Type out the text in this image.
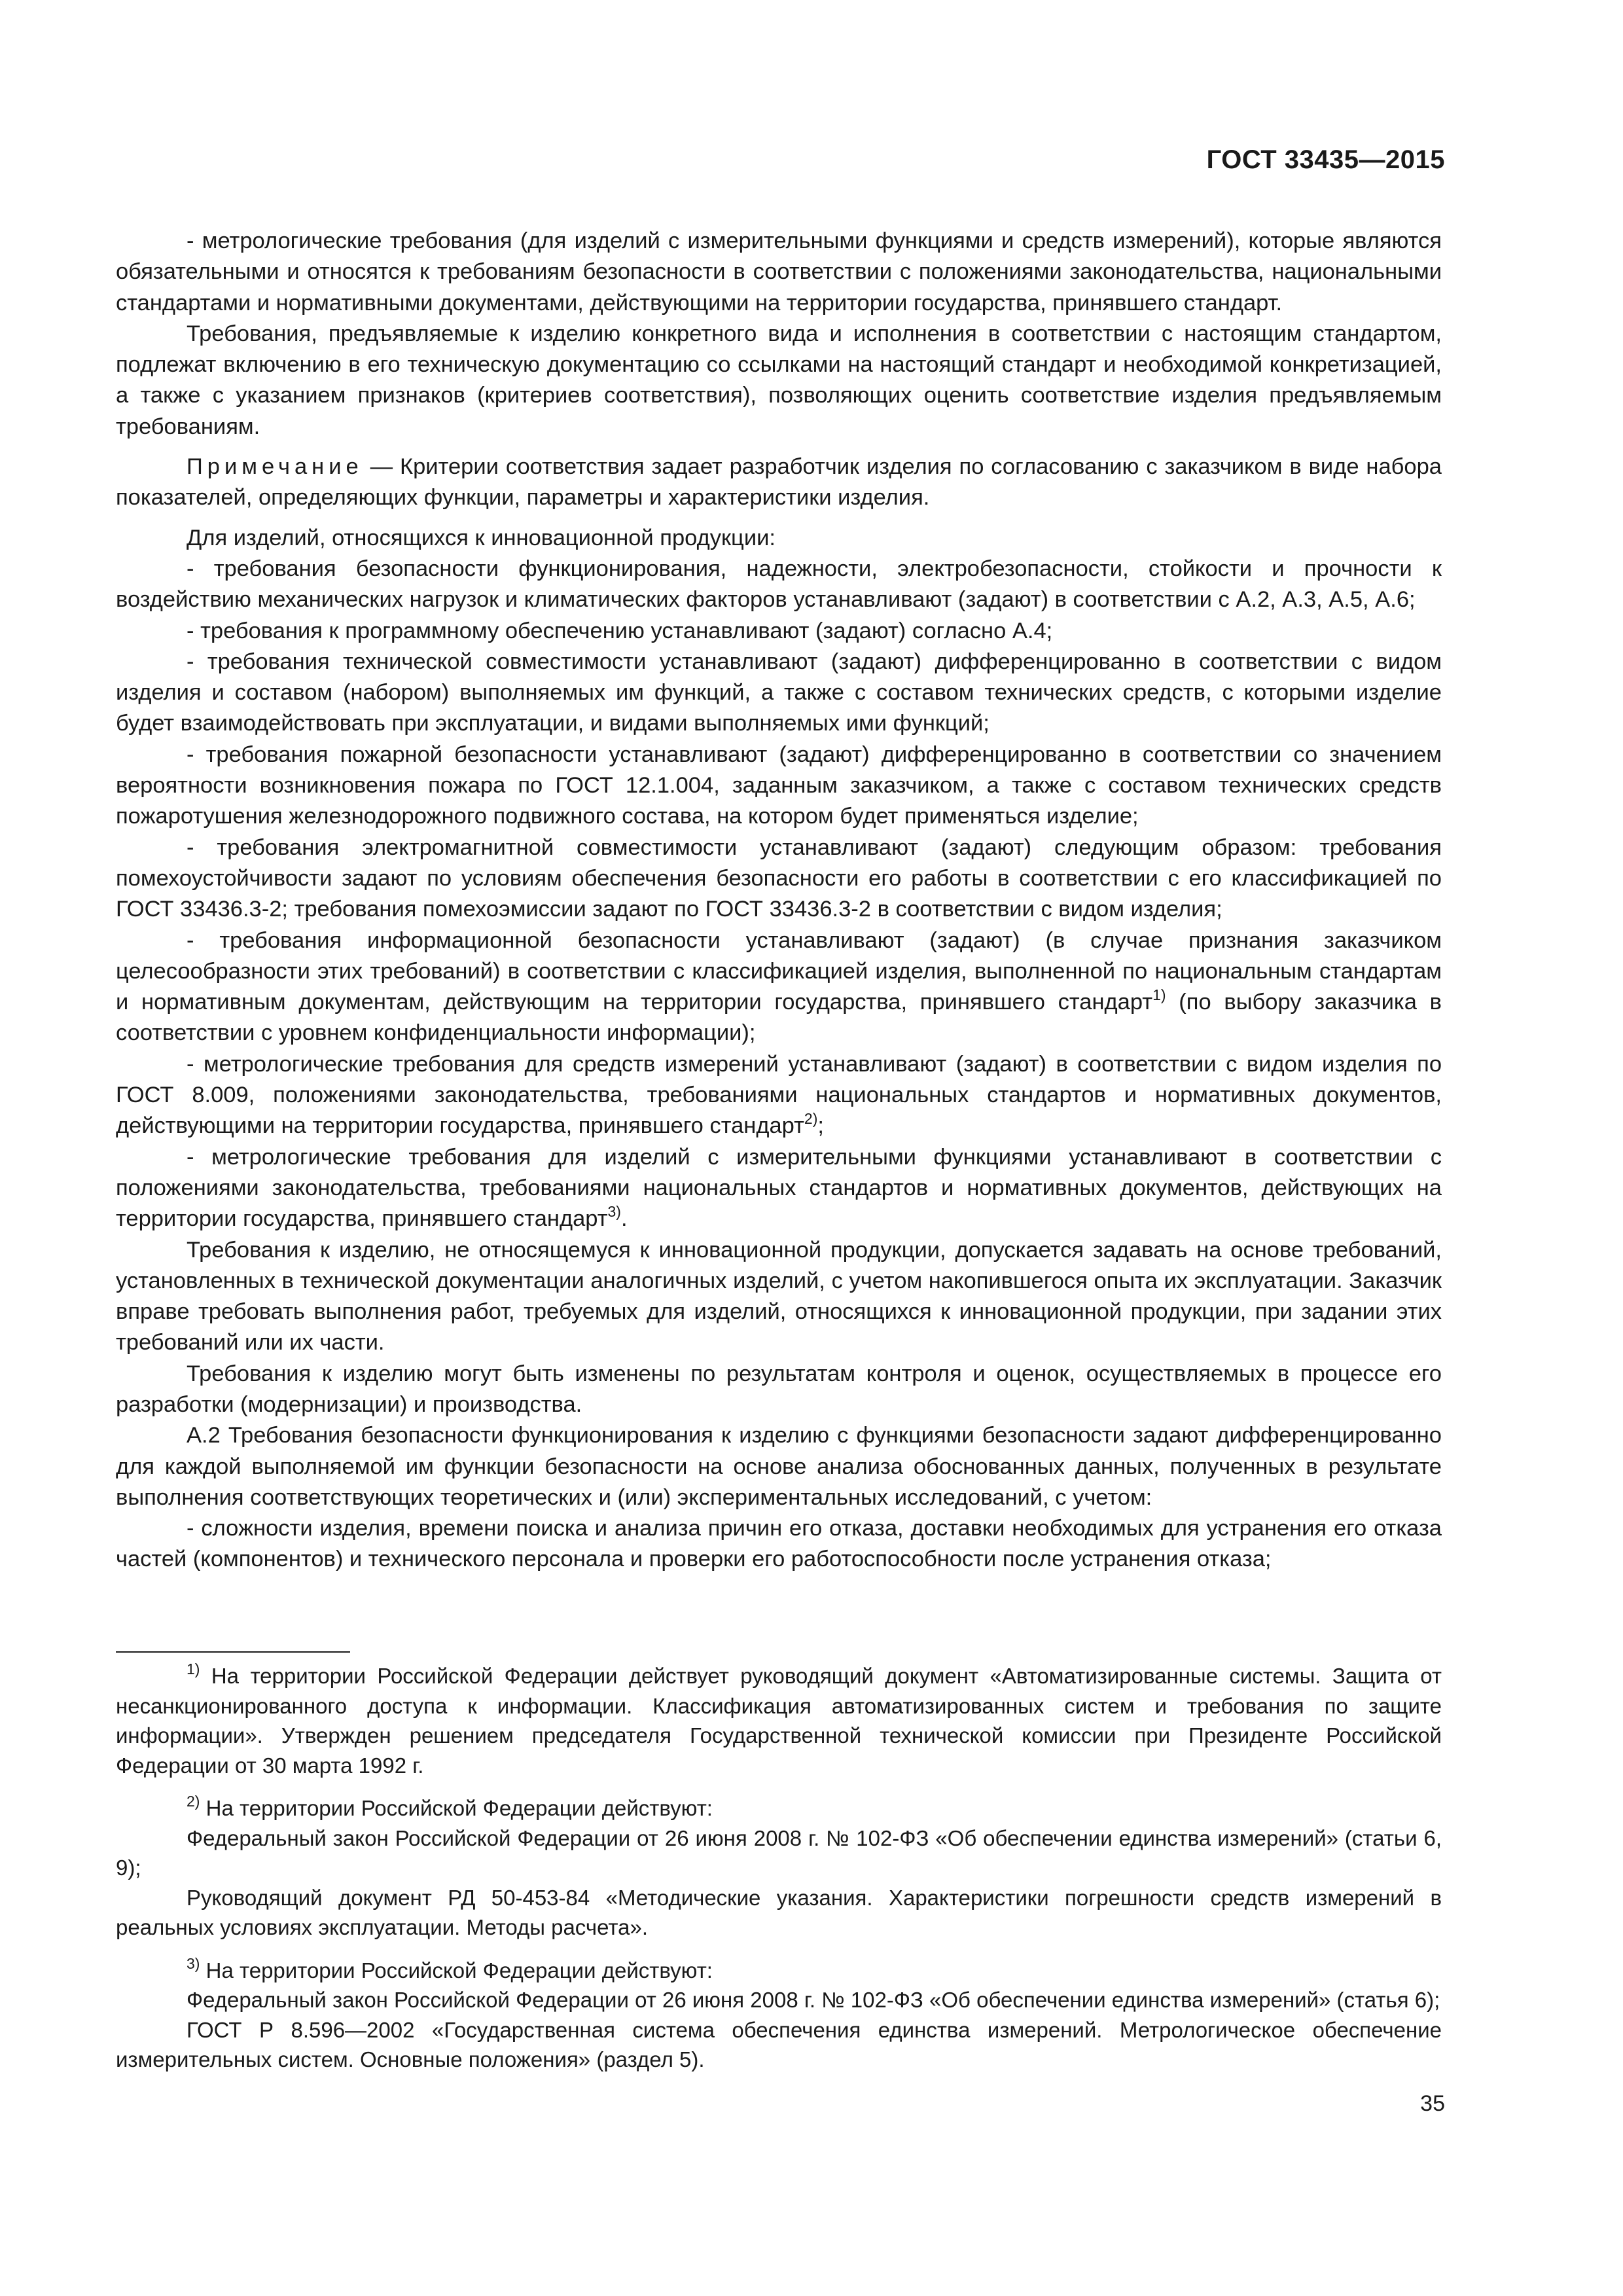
ГОСТ 33435—2015

- метрологические требования (для изделий с измерительными функциями и средств измерений), которые являются обязательными и относятся к требованиям безопасности в соответствии с положениями законодательства, национальными стандартами и нормативными документами, действующими на территории государства, принявшего стандарт.

Требования, предъявляемые к изделию конкретного вида и исполнения в соответствии с настоящим стандартом, подлежат включению в его техническую документацию со ссылками на настоящий стандарт и необходимой конкретизацией, а также с указанием признаков (критериев соответствия), позволяющих оценить соответствие изделия предъявляемым требованиям.

Примечание — Критерии соответствия задает разработчик изделия по согласованию с заказчиком в виде набора показателей, определяющих функции, параметры и характеристики изделия.

Для изделий, относящихся к инновационной продукции:

- требования безопасности функционирования, надежности, электробезопасности, стойкости и прочности к воздействию механических нагрузок и климатических факторов устанавливают (задают) в соответствии с А.2, А.3, А.5, А.6;

- требования к программному обеспечению устанавливают (задают) согласно А.4;

- требования технической совместимости устанавливают (задают) дифференцированно в соответствии с видом изделия и составом (набором) выполняемых им функций, а также с составом технических средств, с которыми изделие будет взаимодействовать при эксплуатации, и видами выполняемых ими функций;

- требования пожарной безопасности устанавливают (задают) дифференцированно в соответствии со значением вероятности возникновения пожара по ГОСТ 12.1.004, заданным заказчиком, а также с составом технических средств пожаротушения железнодорожного подвижного состава, на котором будет применяться изделие;

- требования электромагнитной совместимости устанавливают (задают) следующим образом: требования помехоустойчивости задают по условиям обеспечения безопасности его работы в соответствии с его классификацией по ГОСТ 33436.3-2; требования помехоэмиссии задают по ГОСТ 33436.3-2 в соответствии с видом изделия;

- требования информационной безопасности устанавливают (задают) (в случае признания заказчиком целесообразности этих требований) в соответствии с классификацией изделия, выполненной по национальным стандартам и нормативным документам, действующим на территории государства, принявшего стандарт$^{1)}$ (по выбору заказчика в соответствии с уровнем конфиденциальности информации);

- метрологические требования для средств измерений устанавливают (задают) в соответствии с видом изделия по ГОСТ 8.009, положениями законодательства, требованиями национальных стандартов и нормативных документов, действующими на территории государства, принявшего стандарт$^{2)}$;

- метрологические требования для изделий с измерительными функциями устанавливают в соответствии с положениями законодательства, требованиями национальных стандартов и нормативных документов, действующих на территории государства, принявшего стандарт$^{3)}$.

Требования к изделию, не относящемуся к инновационной продукции, допускается задавать на основе требований, установленных в технической документации аналогичных изделий, с учетом накопившегося опыта их эксплуатации. Заказчик вправе требовать выполнения работ, требуемых для изделий, относящихся к инновационной продукции, при задании этих требований или их части.

Требования к изделию могут быть изменены по результатам контроля и оценок, осуществляемых в процессе его разработки (модернизации) и производства.

А.2 Требования безопасности функционирования к изделию с функциями безопасности задают дифференцированно для каждой выполняемой им функции безопасности на основе анализа обоснованных данных, полученных в результате выполнения соответствующих теоретических и (или) экспериментальных исследований, с учетом:

- сложности изделия, времени поиска и анализа причин его отказа, доставки необходимых для устранения его отказа частей (компонентов) и технического персонала и проверки его работоспособности после устранения отказа;

$^{1)}$ На территории Российской Федерации действует руководящий документ «Автоматизированные системы. Защита от несанкционированного доступа к информации. Классификация автоматизированных систем и требования по защите информации». Утвержден решением председателя Государственной технической комиссии при Президенте Российской Федерации от 30 марта 1992 г.

$^{2)}$ На территории Российской Федерации действуют:

Федеральный закон Российской Федерации от 26 июня 2008 г. № 102-ФЗ «Об обеспечении единства измерений» (статьи 6, 9);

Руководящий документ РД 50-453-84 «Методические указания. Характеристики погрешности средств измерений в реальных условиях эксплуатации. Методы расчета».

$^{3)}$ На территории Российской Федерации действуют:

Федеральный закон Российской Федерации от 26 июня 2008 г. № 102-ФЗ «Об обеспечении единства измерений» (статья 6);

ГОСТ Р 8.596—2002 «Государственная система обеспечения единства измерений. Метрологическое обеспечение измерительных систем. Основные положения» (раздел 5).

35
